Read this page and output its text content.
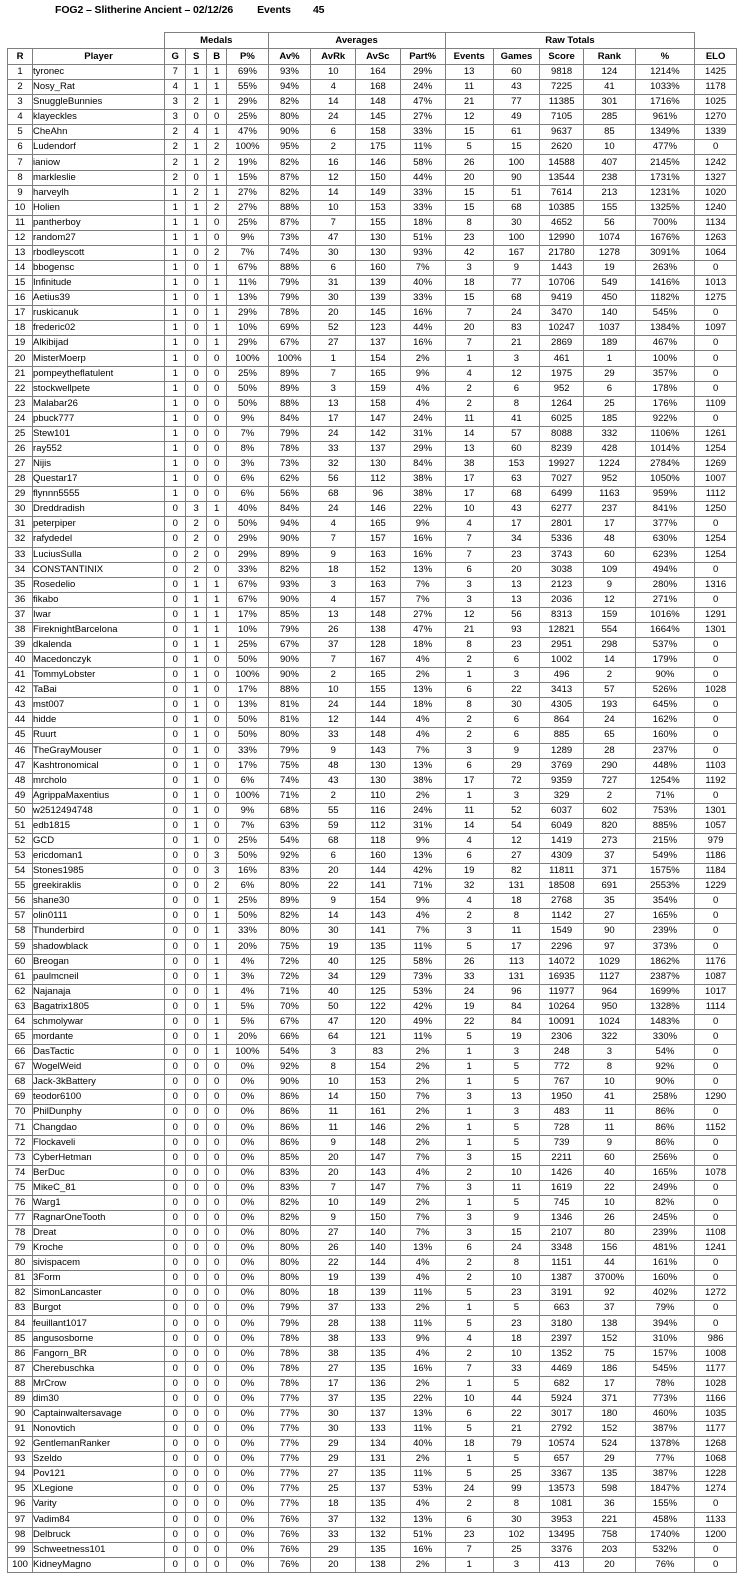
FOG2 – Slitherine Ancient – 02/12/26 Events 45
		Medals				Averages				Raw Totals					
R	Player	G	S	B	P%	Av%	AvRk	AvSc	Part%	Events	Games	Score	Rank	%	ELO
1	tyronec	7	1	1	69%	93%	10	164	29%	13	60	9818	124	1214%	1425
2	Nosy_Rat	4	1	1	55%	94%	4	168	24%	11	43	7225	41	1033%	1178
3	SnuggleBunnies	3	2	1	29%	82%	14	148	47%	21	77	11385	301	1716%	1025
4	klayeckles	3	0	0	25%	80%	24	145	27%	12	49	7105	285	961%	1270
5	CheAhn	2	4	1	47%	90%	6	158	33%	15	61	9637	85	1349%	1339
6	Ludendorf	2	1	2	100%	95%	2	175	11%	5	15	2620	10	477%	0
7	ianiow	2	1	2	19%	82%	16	146	58%	26	100	14588	407	2145%	1242
8	markleslie	2	0	1	15%	87%	12	150	44%	20	90	13544	238	1731%	1327
9	harveylh	1	2	1	27%	82%	14	149	33%	15	51	7614	213	1231%	1020
10	Holien	1	1	2	27%	88%	10	153	33%	15	68	10385	155	1325%	1240
11	pantherboy	1	1	0	25%	87%	7	155	18%	8	30	4652	56	700%	1134
12	random27	1	1	0	9%	73%	47	130	51%	23	100	12990	1074	1676%	1263
13	rbodleyscott	1	0	2	7%	74%	30	130	93%	42	167	21780	1278	3091%	1064
14	bbogensc	1	0	1	67%	88%	6	160	7%	3	9	1443	19	263%	0
15	Infinitude	1	0	1	11%	79%	31	139	40%	18	77	10706	549	1416%	1013
16	Aetius39	1	0	1	13%	79%	30	139	33%	15	68	9419	450	1182%	1275
17	ruskicanuk	1	0	1	29%	78%	20	145	16%	7	24	3470	140	545%	0
18	frederic02	1	0	1	10%	69%	52	123	44%	20	83	10247	1037	1384%	1097
19	Alkibijad	1	0	1	29%	67%	27	137	16%	7	21	2869	189	467%	0
20	MisterMoerp	1	0	0	100%	100%	1	154	2%	1	3	461	1	100%	0
21	pompeytheflatulent	1	0	0	25%	89%	7	165	9%	4	12	1975	29	357%	0
22	stockwellpete	1	0	0	50%	89%	3	159	4%	2	6	952	6	178%	0
23	Malabar26	1	0	0	50%	88%	13	158	4%	2	8	1264	25	176%	1109
24	pbuck777	1	0	0	9%	84%	17	147	24%	11	41	6025	185	922%	0
25	Stew101	1	0	0	7%	79%	24	142	31%	14	57	8088	332	1106%	1261
26	ray552	1	0	0	8%	78%	33	137	29%	13	60	8239	428	1014%	1254
27	Nijis	1	0	0	3%	73%	32	130	84%	38	153	19927	1224	2784%	1269
28	Questar17	1	0	0	6%	62%	56	112	38%	17	63	7027	952	1050%	1007
29	flynnn5555	1	0	0	6%	56%	68	96	38%	17	68	6499	1163	959%	1112
30	Dreddradish	0	3	1	40%	84%	24	146	22%	10	43	6277	237	841%	1250
31	peterpiper	0	2	0	50%	94%	4	165	9%	4	17	2801	17	377%	0
32	rafydedel	0	2	0	29%	90%	7	157	16%	7	34	5336	48	630%	1254
33	LuciusSulla	0	2	0	29%	89%	9	163	16%	7	23	3743	60	623%	1254
34	CONSTANTINIX	0	2	0	33%	82%	18	152	13%	6	20	3038	109	494%	0
35	Rosedelio	0	1	1	67%	93%	3	163	7%	3	13	2123	9	280%	1316
36	fikabo	0	1	1	67%	90%	4	157	7%	3	13	2036	12	271%	0
37	Iwar	0	1	1	17%	85%	13	148	27%	12	56	8313	159	1016%	1291
38	FireknightBarcelona	0	1	1	10%	79%	26	138	47%	21	93	12821	554	1664%	1301
39	dkalenda	0	1	1	25%	67%	37	128	18%	8	23	2951	298	537%	0
40	Macedonczyk	0	1	0	50%	90%	7	167	4%	2	6	1002	14	179%	0
41	TommyLobster	0	1	0	100%	90%	2	165	2%	1	3	496	2	90%	0
42	TaBai	0	1	0	17%	88%	10	155	13%	6	22	3413	57	526%	1028
43	mst007	0	1	0	13%	81%	24	144	18%	8	30	4305	193	645%	0
44	hidde	0	1	0	50%	81%	12	144	4%	2	6	864	24	162%	0
45	Ruurt	0	1	0	50%	80%	33	148	4%	2	6	885	65	160%	0
46	TheGrayMouser	0	1	0	33%	79%	9	143	7%	3	9	1289	28	237%	0
47	Kashtronomical	0	1	0	17%	75%	48	130	13%	6	29	3769	290	448%	1103
48	mrcholo	0	1	0	6%	74%	43	130	38%	17	72	9359	727	1254%	1192
49	AgrippaMaxentius	0	1	0	100%	71%	2	110	2%	1	3	329	2	71%	0
50	w2512494748	0	1	0	9%	68%	55	116	24%	11	52	6037	602	753%	1301
51	edb1815	0	1	0	7%	63%	59	112	31%	14	54	6049	820	885%	1057
52	GCD	0	1	0	25%	54%	68	118	9%	4	12	1419	273	215%	979
53	ericdoman1	0	0	3	50%	92%	6	160	13%	6	27	4309	37	549%	1186
54	Stones1985	0	0	3	16%	83%	20	144	42%	19	82	11811	371	1575%	1184
55	greekiraklis	0	0	2	6%	80%	22	141	71%	32	131	18508	691	2553%	1229
56	shane30	0	0	1	25%	89%	9	154	9%	4	18	2768	35	354%	0
57	olin0111	0	0	1	50%	82%	14	143	4%	2	8	1142	27	165%	0
58	Thunderbird	0	0	1	33%	80%	30	141	7%	3	11	1549	90	239%	0
59	shadowblack	0	0	1	20%	75%	19	135	11%	5	17	2296	97	373%	0
60	Breogan	0	0	1	4%	72%	40	125	58%	26	113	14072	1029	1862%	1176
61	paulmcneil	0	0	1	3%	72%	34	129	73%	33	131	16935	1127	2387%	1087
62	Najanaja	0	0	1	4%	71%	40	125	53%	24	96	11977	964	1699%	1017
63	Bagatrix1805	0	0	1	5%	70%	50	122	42%	19	84	10264	950	1328%	1114
64	schmolywar	0	0	1	5%	67%	47	120	49%	22	84	10091	1024	1483%	0
65	mordante	0	0	1	20%	66%	64	121	11%	5	19	2306	322	330%	0
66	DasTactic	0	0	1	100%	54%	3	83	2%	1	3	248	3	54%	0
67	WogelWeid	0	0	0	0%	92%	8	154	2%	1	5	772	8	92%	0
68	Jack-3kBattery	0	0	0	0%	90%	10	153	2%	1	5	767	10	90%	0
69	teodor6100	0	0	0	0%	86%	14	150	7%	3	13	1950	41	258%	1290
70	PhilDunphy	0	0	0	0%	86%	11	161	2%	1	3	483	11	86%	0
71	Changdao	0	0	0	0%	86%	11	146	2%	1	5	728	11	86%	1152
72	Flockaveli	0	0	0	0%	86%	9	148	2%	1	5	739	9	86%	0
73	CyberHetman	0	0	0	0%	85%	20	147	7%	3	15	2211	60	256%	0
74	BerDuc	0	0	0	0%	83%	20	143	4%	2	10	1426	40	165%	1078
75	MikeC_81	0	0	0	0%	83%	7	147	7%	3	11	1619	22	249%	0
76	Warg1	0	0	0	0%	82%	10	149	2%	1	5	745	10	82%	0
77	RagnarOneTooth	0	0	0	0%	82%	9	150	7%	3	9	1346	26	245%	0
78	Dreat	0	0	0	0%	80%	27	140	7%	3	15	2107	80	239%	1108
79	Kroche	0	0	0	0%	80%	26	140	13%	6	24	3348	156	481%	1241
80	sivispacem	0	0	0	0%	80%	22	144	4%	2	8	1151	44	161%	0
81	3Form	0	0	0	0%	80%	19	139	4%	2	10	1387	3700%	160%	0
82	SimonLancaster	0	0	0	0%	80%	18	139	11%	5	23	3191	92	402%	1272
83	Burgot	0	0	0	0%	79%	37	133	2%	1	5	663	37	79%	0
84	feuillant1017	0	0	0	0%	79%	28	138	11%	5	23	3180	138	394%	0
85	angusosborne	0	0	0	0%	78%	38	133	9%	4	18	2397	152	310%	986
86	Fangorn_BR	0	0	0	0%	78%	38	135	4%	2	10	1352	75	157%	1008
87	Cherebuschka	0	0	0	0%	78%	27	135	16%	7	33	4469	186	545%	1177
88	MrCrow	0	0	0	0%	78%	17	136	2%	1	5	682	17	78%	1028
89	dim30	0	0	0	0%	77%	37	135	22%	10	44	5924	371	773%	1166
90	Captainwaltersavage	0	0	0	0%	77%	30	137	13%	6	22	3017	180	460%	1035
91	Nonovtich	0	0	0	0%	77%	30	133	11%	5	21	2792	152	387%	1177
92	GentlemanRanker	0	0	0	0%	77%	29	134	40%	18	79	10574	524	1378%	1268
93	Szeldo	0	0	0	0%	77%	29	131	2%	1	5	657	29	77%	1068
94	Pov121	0	0	0	0%	77%	27	135	11%	5	25	3367	135	387%	1228
95	XLegione	0	0	0	0%	77%	25	137	53%	24	99	13573	598	1847%	1274
96	Varity	0	0	0	0%	77%	18	135	4%	2	8	1081	36	155%	0
97	Vadim84	0	0	0	0%	76%	37	132	13%	6	30	3953	221	458%	1133
98	Delbruck	0	0	0	0%	76%	33	132	51%	23	102	13495	758	1740%	1200
99	Schweetness101	0	0	0	0%	76%	29	135	16%	7	25	3376	203	532%	0
100	KidneyMagno	0	0	0	0%	76%	20	138	2%	1	3	413	20	76%	0
